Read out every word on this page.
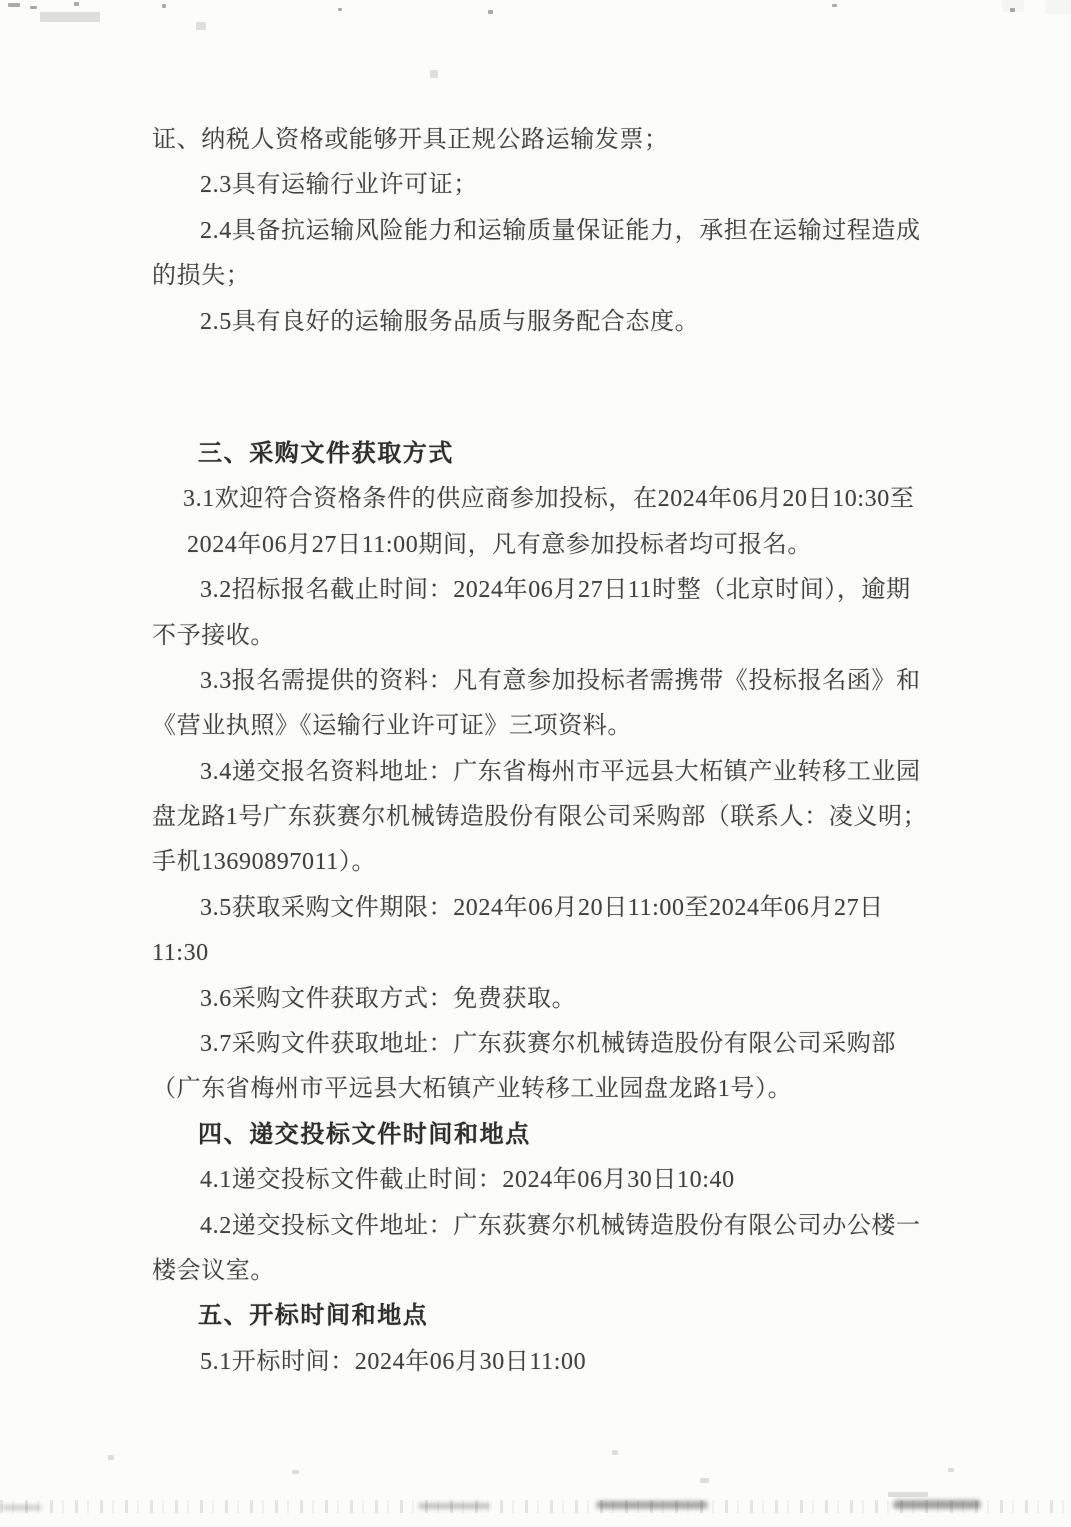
证、纳税人资格或能够开具正规公路运输发票；
2.3具有运输行业许可证；
2.4具备抗运输风险能力和运输质量保证能力，承担在运输过程造成
的损失；
2.5具有良好的运输服务品质与服务配合态度。
三、采购文件获取方式
3.1欢迎符合资格条件的供应商参加投标，在2024年06月20日10:30至
2024年06月27日11:00期间，凡有意参加投标者均可报名。
3.2招标报名截止时间：2024年06月27日11时整（北京时间），逾期
不予接收。
3.3报名需提供的资料：凡有意参加投标者需携带《投标报名函》和
《营业执照》《运输行业许可证》三项资料。
3.4递交报名资料地址：广东省梅州市平远县大柘镇产业转移工业园
盘龙路1号广东荻赛尔机械铸造股份有限公司采购部（联系人：凌义明；
手机13690897011）。
3.5获取采购文件期限：2024年06月20日11:00至2024年06月27日
11:30
3.6采购文件获取方式：免费获取。
3.7采购文件获取地址：广东荻赛尔机械铸造股份有限公司采购部
（广东省梅州市平远县大柘镇产业转移工业园盘龙路1号）。
四、递交投标文件时间和地点
4.1递交投标文件截止时间：2024年06月30日10:40
4.2递交投标文件地址：广东荻赛尔机械铸造股份有限公司办公楼一
楼会议室。
五、开标时间和地点
5.1开标时间：2024年06月30日11:00
